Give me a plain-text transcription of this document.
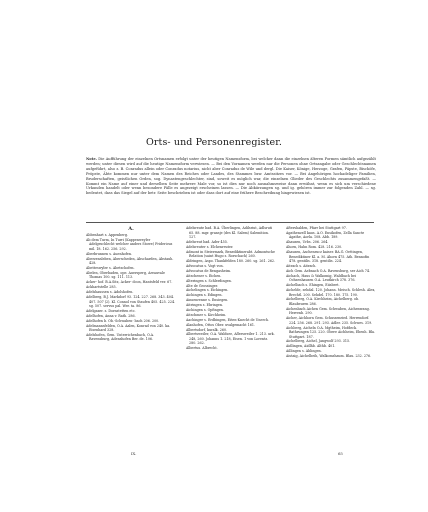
Orts- und Personenregister.

Note. Die Aufführung der einzelnen Ortsnamen erfolgt unter der heutigen Namensform, bei welcher dann die einzelnen älteren Formen sämtlich aufgezählt werden; unter diesen wird auf die heutige Namensform verwiesen. — Bei den Vornamen werden nur die Personen ohne Ortsangabe oder Geschlechtsnamen aufgeführt, also z. B. Conradus allein oder Conradus notarius, nicht aber Conradus de Wile und dergl. Die Kaiser, Könige, Herzoge, Grafen, Päpste, Bischöfe, Pröpste, Äbte kommen nur unter dem Namen des Reiches oder Landes, des Stammes bzw. Amtssitzes vor. — Bei Angehörigen hochadeliger Familien, Bruderschaften, geistlichen Orden, sog. Dynastengeschlechter, sind, soweit es möglich war, die einzelnen Glieder des Geschlechts zusammengefaßt. — Kommt ein Name auf einer und derselben Seite mehrere Male vor, so ist dies nur noch ausnahmsweise dann erwähnt, wenn es sich um verschiedene Urkunden handelt oder wenn besondere Fälle es angezeigt erscheinen lassen. — Die Abkürzungen sg. und ig. gehören immer zur folgenden Zahl. — sg. bedeutet, dass das Siegel auf der betr. Seite beschrieben ist oder dass dort auf eine frühere Beschreibung hingewiesen ist.

A.

Abbenhart s. Appenberg.

Ab dem Turm, In Turri (Kappenweyler Adelgeschlecht welcher anders Stowe) Fridericus mil. 18. 162. 256. 292.

Aberbrunnen s. Auenhofen.

Aberzensleben, Aberscheden, Abscharden, Abstauh. 428.

Abetteswyler s. Abetschofen.

Abelen, Oberbaden, ope. Auersperg, Areauvale Thomas 100. sg. 111. 113.

Acker- hof. B.A.Sitz, Acker- dcon, Hantsfeld ver. 67.

Ackhartstelle 285.

Adelshaussen s. Adolshofen.

Adelberg, B.J. Markdorf 93. 124. 227. 268. 343. 404. 407. 507 (2). Kl. Connol von Staufen 405. 425. 224. sg. 507. servus pal. Wer. ta. 86.

Adelgazer. s. Dornstetten etc.

Adelhofen, Anna v. Rath. 286.

Adelhofen b. Ob.-Schwaben- bach 206. 200.

Adelmannsfelden, O.A. Aalen, Konrad von 240. ka. Eisenhard 328.

Adelshofen, Gem. Unterrichenbach, O.A. Ravensburg, Adenshofen Ber. de. 106.

Adelsreute bad. B.A. Überlingen, Adilsriut, Adlsruti 65. 88. mgr. gransje (des Kl. Salem) Salemition. 127.

Adelsreut bad. Ader 455.

Adelsreuter s. Elchenreuter.

Admont in Steiermark, Benediktinerabt. Admontsche Relation (saint Hugo s. Rorschach) 260.

Aldringen, Aspo. Thankfelden 180. 260. sg. 261. 262.

Advocatus s. Vogt von.

Advocatus de Rengasheim.

Aitschener s. Eichen.

Alteringen s. Schlerdingen.

Alte de Grossinger.

Aichelingen s. Eichingen.

Aichingen s. Edingen.

Ainsenrenne s. Ensiegen.

Aitringen s. Ebringen.

Aichingen s. Opfingen.

Aitschmer s. Kirchheim.

Aachinger s. Erdbingen, Eiten-Knecht de Unerch.

Alanhofen, Ottos Ober. uvalgemacht 161.

Albertsdorf, kuralk. 260.

Albertsweiler, O.A. Waldsee, Aflersweiler 1. 213. urk. 248, 260. Johanns 1. 218, Eisen. 1 von Lorentz. 280. 262.

Albertus. Albrecht.

Aftershalden, Pfarr bei Stuttgart 97.

Agathenzell kaus. A.O. Ensikofen, Zella Sancte Agathe, Aorla. 108. Abb. 189.

Ahausen, Urbs. 206. 264.

Ahorn, Hahn Rom. 428. 216. 230.

Ahausen, Aschenrucz kaiser. BA.G. Oettingen, Benediktiner Kl. a. M. Ahorn 475. Ath. Bennofin 478. gentilis. 318. gentilis. 224.

Aitrach s. Aitrach.

Aich Gem. Aebnach O.A. Ravensburg, ser Aich 74.

Aichach, Haus & Walkomig, Waldbach bei Ochsenhausen O.A. Leutkirch 378. 376.

Aichelbach s. Ehingen, Eiisbert.

Aichelde, sehdal. 120. Johann. Meisch. Schlesh. Alex, Brechtl. 200. Sehdel. 170. 180. 175. 190.

Aichelberg, O.A. Kirchheim, Aichelberg. ob. Blaubeuren 286.

Aichenbach Aichen Gem. Schwaben, Aichenwang. Herrenb. 290.

Aicher, Aichhorn Gem. Schussenried. Herrendorf. 224. 256. 268. 291. 293. Adler. 235. Schwes. 319.

Aichberg, Aicheln O.A. Mgtheim, Hofdeck. Bathrungen 125. 220. Obere Aichheim, Ebenh. Bla. Stuttgart. 187.

Aichelberg, Aichel, Jangwolf 293. 315.

Aidlingen, Aidlhb. Althb. 401.

Aillingen s. Ahlingen.

Aistaig, Aichelbeih, Walkomshaum. Blau. 232. 276.

IX.	65
